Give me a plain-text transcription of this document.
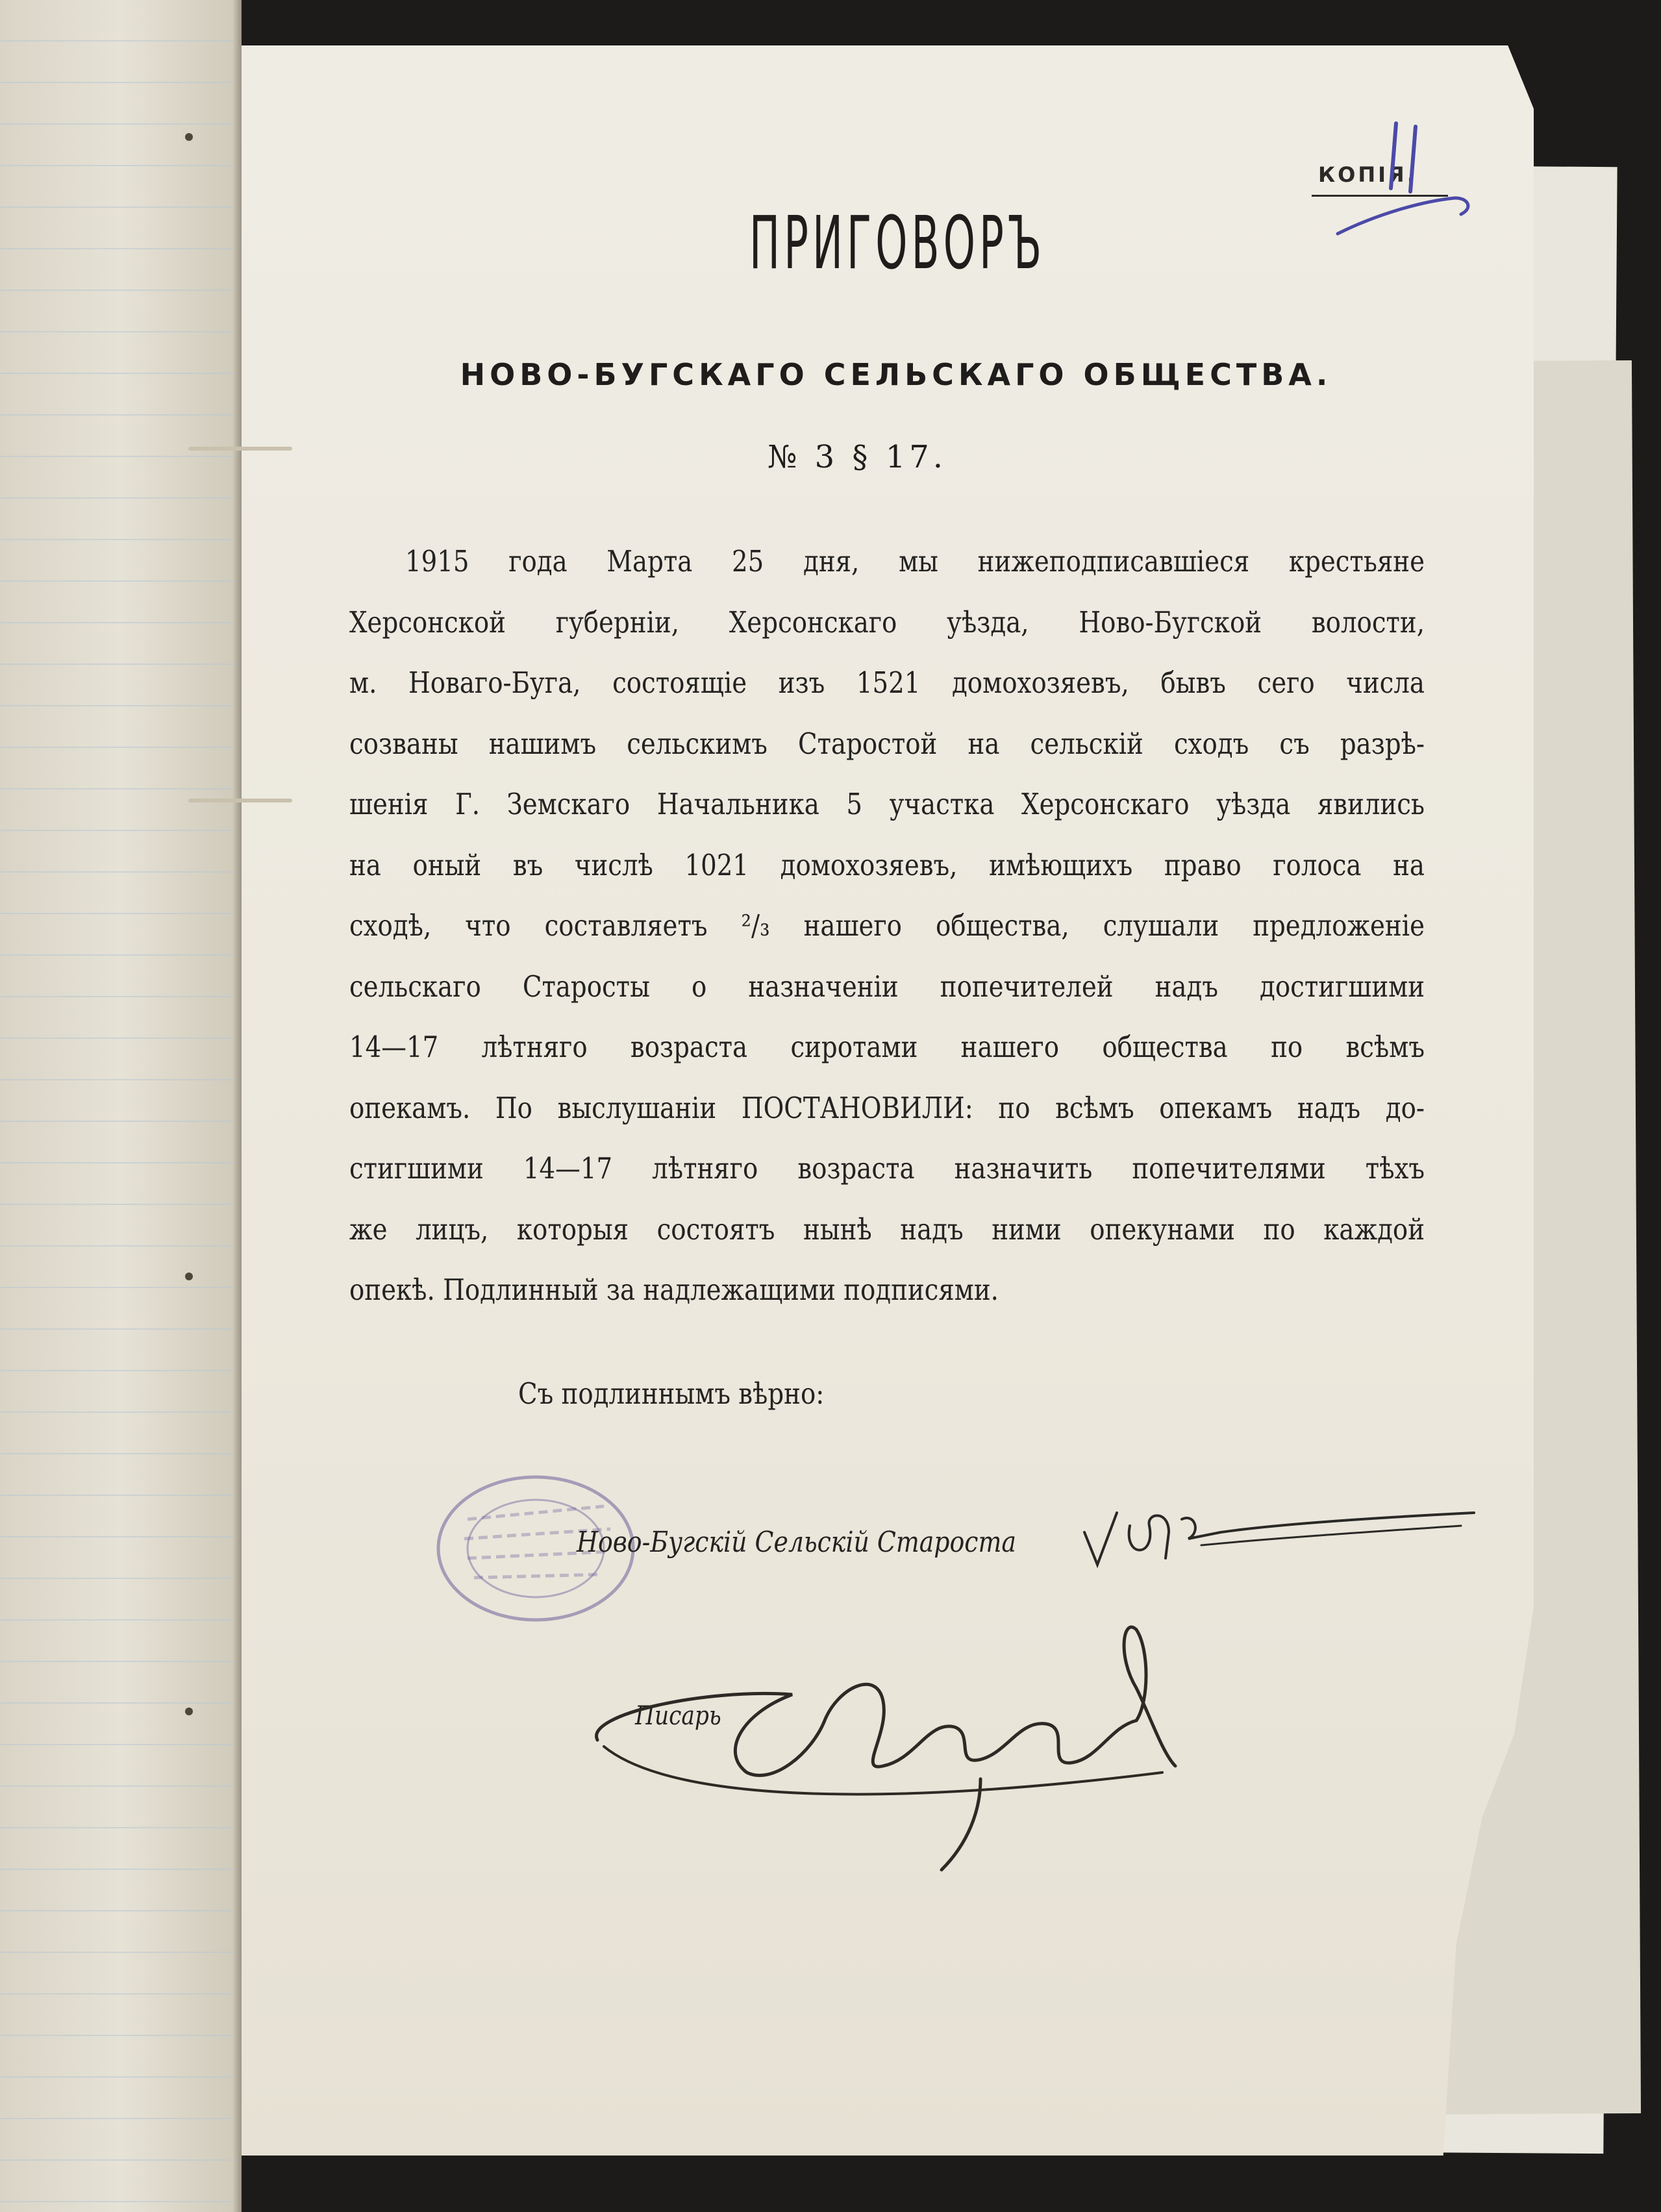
КОПІЯ.
ПРИГОВОРЪ
НОВО-БУГСКАГО СЕЛЬСКАГО ОБЩЕСТВА.
№ 3 § 17.
1915 года Марта 25 дня, мы нижеподписавшiеся крестьяне
Херсонской губернiи, Херсонскаго уѣзда, Ново-Бугской волости,
м. Новаго-Буга, состоящiе изъ 1521 домохозяевъ, бывъ сего числа
созваны нашимъ сельскимъ Старостой на сельскiй сходъ съ разрѣ-
шенiя Г. Земскаго Начальника 5 участка Херсонскаго уѣзда явились
на оный въ числѣ 1021 домохозяевъ, имѣющихъ право голоса на
сходѣ, что составляетъ ²/₃ нашего общества, слушали предложенiе
сельскаго Старосты о назначенiи попечителей надъ достигшими
14—17 лѣтняго возраста сиротами нашего общества по всѣмъ
опекамъ. По выслушанiи ПОСТАНОВИЛИ: по всѣмъ опекамъ надъ до-
стигшими 14—17 лѣтняго возраста назначить попечителями тѣхъ
же лицъ, которыя состоятъ нынѣ надъ ними опекунами по каждой
опекѣ. Подлинный за надлежащими подписями.
Съ подлиннымъ вѣрно:
Ново-Бугскiй Сельскiй Староста
Писарь
